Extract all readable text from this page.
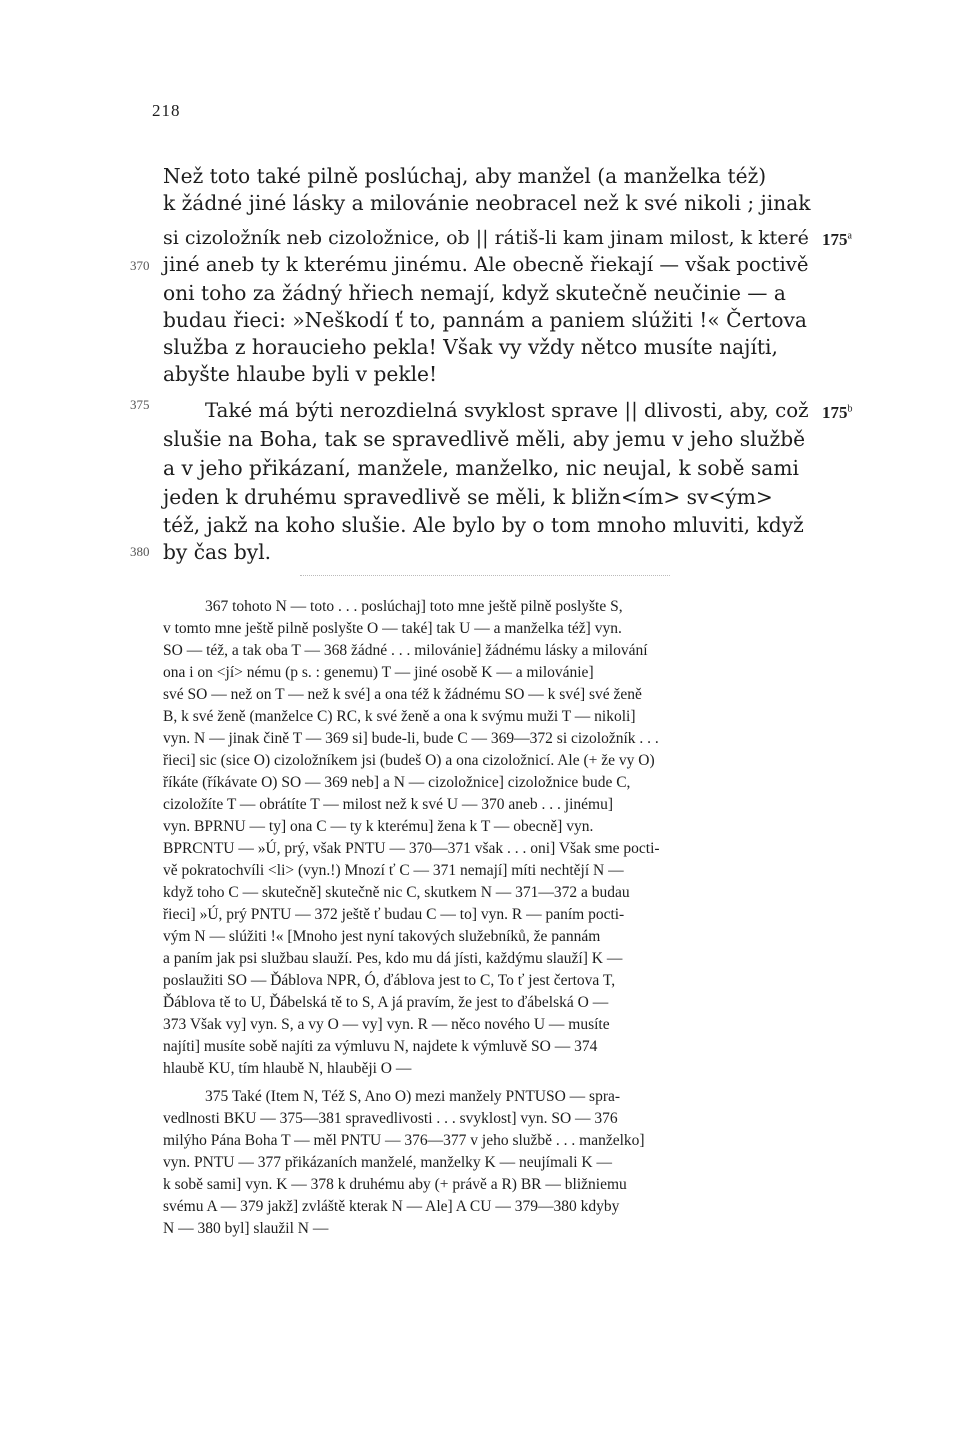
218
Než toto také pilně poslúchaj, aby manžel (a manželka též)
k žádné jiné lásky a milovánie neobracel než k své nikoli ; jinak
si cizoložník neb cizoložnice, ob || rátiš-li kam jinam milost, k které
jiné aneb ty k kterému jinému. Ale obecně řiekají — však poctivě
oni toho za žádný hřiech nemají, když skutečně neučinie — a
budau řieci: »Neškodí ť to, pannám a paniem slúžiti !« Čertova
služba z horaucieho pekla! Však vy vždy nětco musíte najíti,
abyšte hlaube byli v pekle!
Také má býti nerozdielná svyklost sprave || dlivosti, aby, což
slušie na Boha, tak se spravedlivě měli, aby jemu v jeho službě
a v jeho přikázaní, manžele, manželko, nic neujal, k sobě sami
jeden k druhému spravedlivě se měli, k bližn<ím> sv<ým>
též, jakž na koho slušie. Ale bylo by o tom mnoho mluviti, když
by čas byl.
370
375
380
175$^a$
175$^b$
367 tohoto N — toto . . . poslúchaj] toto mne ještě pilně poslyšte S,
v tomto mne ještě pilně poslyšte O — také] tak U — a manželka též] vyn.
SO — též, a tak oba T — 368 žádné . . . milovánie] žádnému lásky a milování
ona i on <jí> nému (p s. : genemu) T — jiné osobě K — a milovánie]
své SO — než on T — než k své] a ona též k žádnému SO — k své] své ženě
B, k své ženě (manželce C) RC, k své ženě a ona k svýmu muži T — nikoli]
vyn. N — jinak čině T — 369 si] bude-li, bude C — 369—372 si cizoložník . . .
řieci] sic (sice O) cizoložníkem jsi (budeš O) a ona cizoložnicí. Ale (+ že vy O)
říkáte (říkávate O) SO — 369 neb] a N — cizoložnice] cizoložnice bude C,
cizoložíte T — obrátíte T — milost než k své U — 370 aneb . . . jinému]
vyn. BPRNU — ty] ona C — ty k kterému] žena k T — obecně] vyn.
BPRCNTU — »Ú, prý, však PNTU — 370—371 však . . . oni] Však sme pocti-
vě pokratochvíli <li> (vyn.!) Mnozí ť C — 371 nemají] míti nechtějí N —
když toho C — skutečně] skutečně nic C, skutkem N — 371—372 a budau
řieci] »Ú, prý PNTU — 372 ještě ť budau C — to] vyn. R — paním pocti-
vým N — slúžiti !« [Mnoho jest nyní takových služebníků, že pannám
a paním jak psi službau slauží. Pes, kdo mu dá jísti, každýmu slauží] K —
poslaužiti SO — Ďáblova NPR, Ó, ďáblova jest to C, To ť jest čertova T,
Ďáblova tě to U, Ďábelská tě to S, A já pravím, že jest to ďábelská O —
373 Však vy] vyn. S, a vy O — vy] vyn. R — něco nového U — musíte
najíti] musíte sobě najíti za výmluvu N, najdete k výmluvě SO — 374
hlaubě KU, tím hlaubě N, hlauběji O —
375 Také (Item N, Též S, Ano O) mezi manžely PNTUSO — spra-
vedlnosti BKU — 375—381 spravedlivosti . . . svyklost] vyn. SO — 376
milýho Pána Boha T — měl PNTU — 376—377 v jeho službě . . . manželko]
vyn. PNTU — 377 přikázaních manželé, manželky K — neujímali K —
k sobě sami] vyn. K — 378 k druhému aby (+ právě a R) BR — bližniemu
svému A — 379 jakž] zvláště kterak N — Ale] A CU — 379—380 kdyby
N — 380 byl] slaužil N —
